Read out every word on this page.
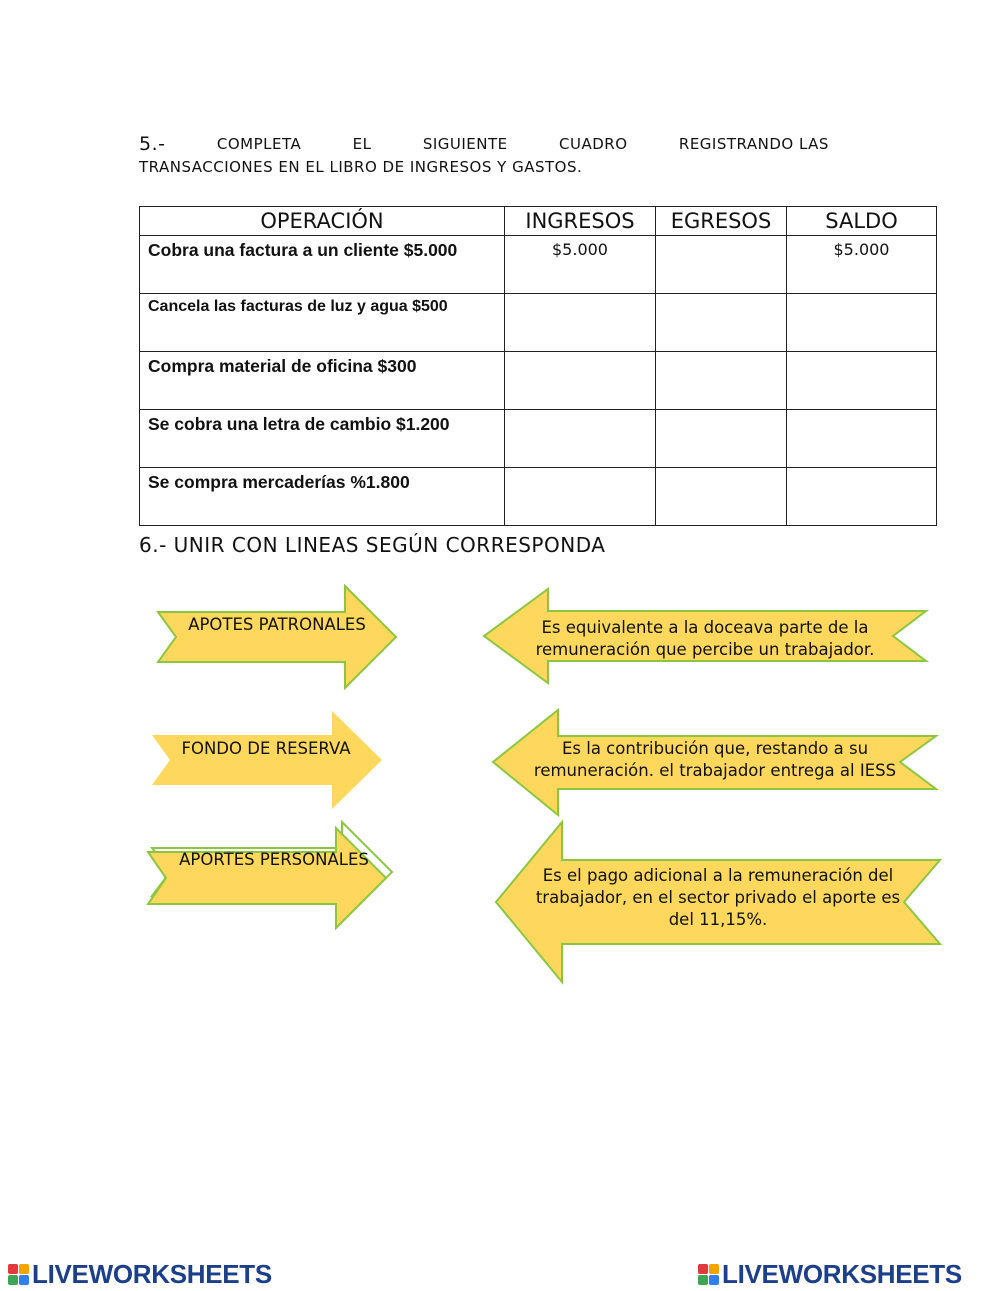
5.-	COMPLETA	EL	SIGUIENTE	CUADRO	REGISTRANDO LAS
TRANSACCIONES EN EL LIBRO DE INGRESOS Y GASTOS.
OPERACIÓN	INGRESOS	EGRESOS	SALDO
Cobra una factura a un cliente $5.000	$5.000		$5.000
Cancela las facturas de luz y agua $500			
Compra material de oficina $300			
Se cobra una letra de cambio $1.200			
Se compra mercaderías %1.800			
6.- UNIR CON LINEAS SEGÚN CORRESPONDA
APOTES PATRONALES
FONDO DE RESERVA
APORTES PERSONALES
Es equivalente a la doceava parte de la
remuneración que percibe un trabajador.
Es la contribución que, restando a su
remuneración. el trabajador entrega al IESS
Es el pago adicional a la remuneración del
trabajador, en el sector privado el aporte es
del 11,15%.
LIVEWORKSHEETS	LIVEWORKSHEETS
